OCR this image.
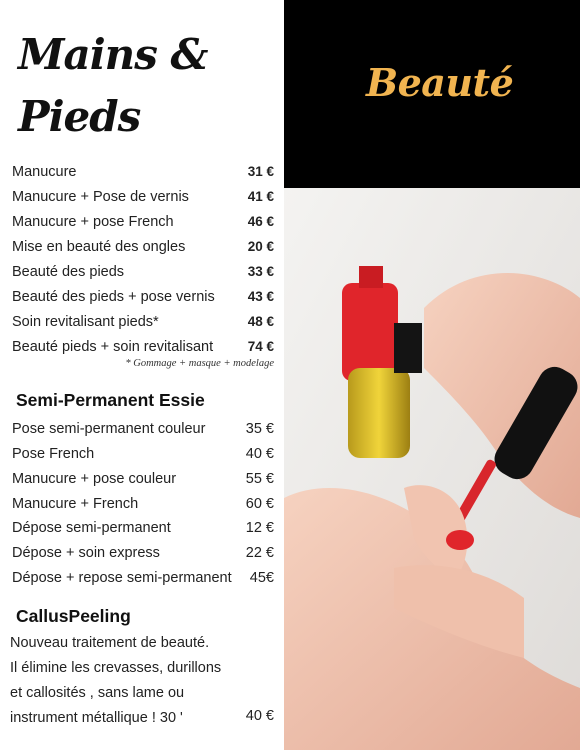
Mains &
Pieds
Manucure	31 €
Manucure + Pose de vernis	41 €
Manucure + pose French	46 €
Mise en beauté des ongles	20 €
Beauté des pieds	33 €
Beauté des pieds + pose vernis 43 €
Soin revitalisant pieds*	48 €
Beauté pieds + soin revitalisant	74 €
* Gommage + masque + modelage
Semi-Permanent Essie
Pose semi-permanent couleur	35 €
Pose French	40 €
Manucure + pose couleur	55 €
Manucure + French	60 €
Dépose semi-permanent	12 €
Dépose + soin express	22 €
Dépose + repose semi-permanent 45€
CallusPeeling
Nouveau traitement de beauté.
Il élimine les crevasses, durillons
et callosités , sans lame ou
instrument métallique ! 30 '	40 €
Beauté
